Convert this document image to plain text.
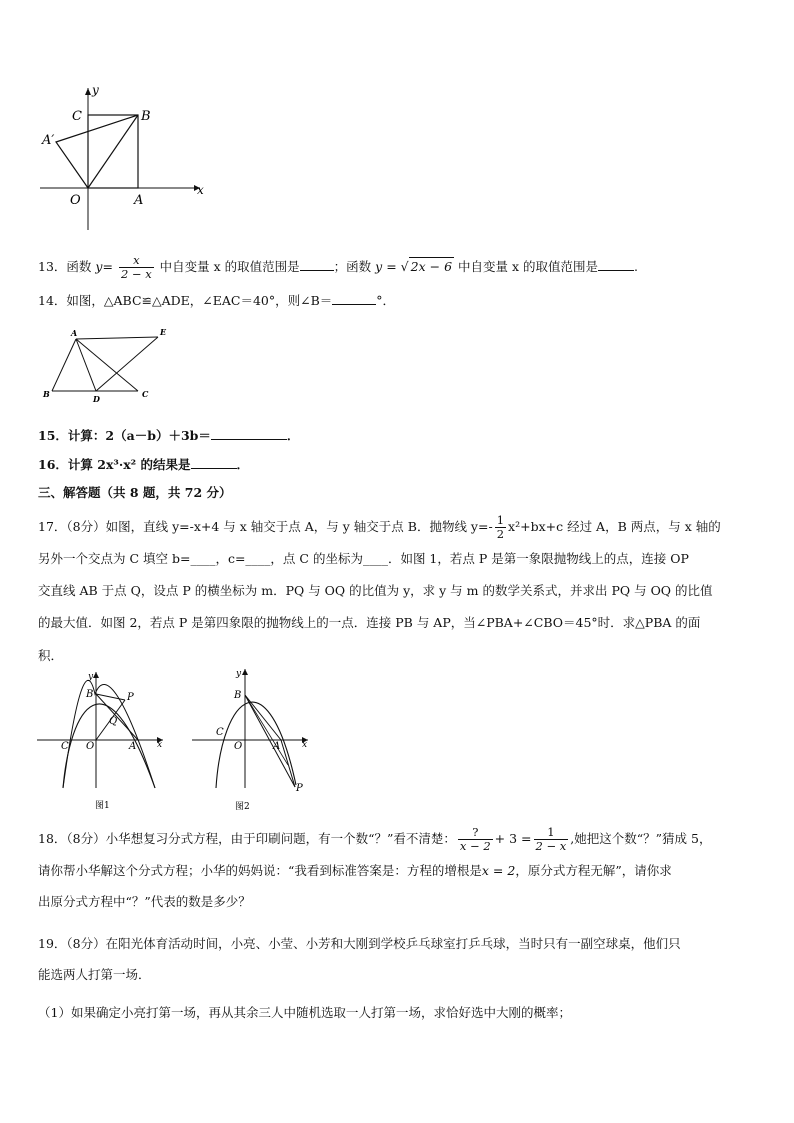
y
x
C	B
A′
O	A
13．函数 $y= \frac{x}{2 - x}$ 中自变量 x 的取值范围是	；函数 y = √ 2x − 6 中自变量 x 的取值范围是	.
14．如图，△ABC≌△ADE，∠EAC＝40°，则∠B＝	°．
A	E
B	D	C
15．计算：2（a－b）＋3b＝	．
16．计算 2x³·x² 的结果是	．
三、解答题（共 8 题，共 72 分）
17．（8分）如图，直线 y=-x+4 与 x 轴交于点 A，与 y 轴交于点 B．抛物线 $y=- \frac{1}{2} x^2+bx+c$ 经过 A，B 两点，与 x 轴的
另外一个交点为 C 填空 b=____，c=____，点 C 的坐标为____．如图 1，若点 P 是第一象限抛物线上的点，连接 OP
交直线 AB 于点 Q，设点 P 的横坐标为 m．PQ 与 OQ 的比值为 y，求 y 与 m 的数学关系式，并求出 PQ 与 OQ 的比值
的最大值．如图 2，若点 P 是第四象限的抛物线上的一点．连接 PB 与 AP，当∠PBA+∠CBO＝45°时．求△PBA 的面
积．
y
B	P
Q
C O	A x
图1
y
B
C
O	A x
P
图2
18．（8分）小华想复习分式方程，由于印刷问题，有一个数“？”看不清楚： $\frac{?}{x - 2} + 3 = \frac{1}{2 - x}$ ,她把这个数“？”猜成 5，
请你帮小华解这个分式方程；小华的妈妈说：“我看到标准答案是：方程的增根是x = 2，原分式方程无解”，请你求
出原分式方程中“？”代表的数是多少？
19．（8分）在阳光体育活动时间，小亮、小莹、小芳和大刚到学校乒乓球室打乒乓球，当时只有一副空球桌，他们只
能选两人打第一场．
（1）如果确定小亮打第一场，再从其余三人中随机选取一人打第一场，求恰好选中大刚的概率；
